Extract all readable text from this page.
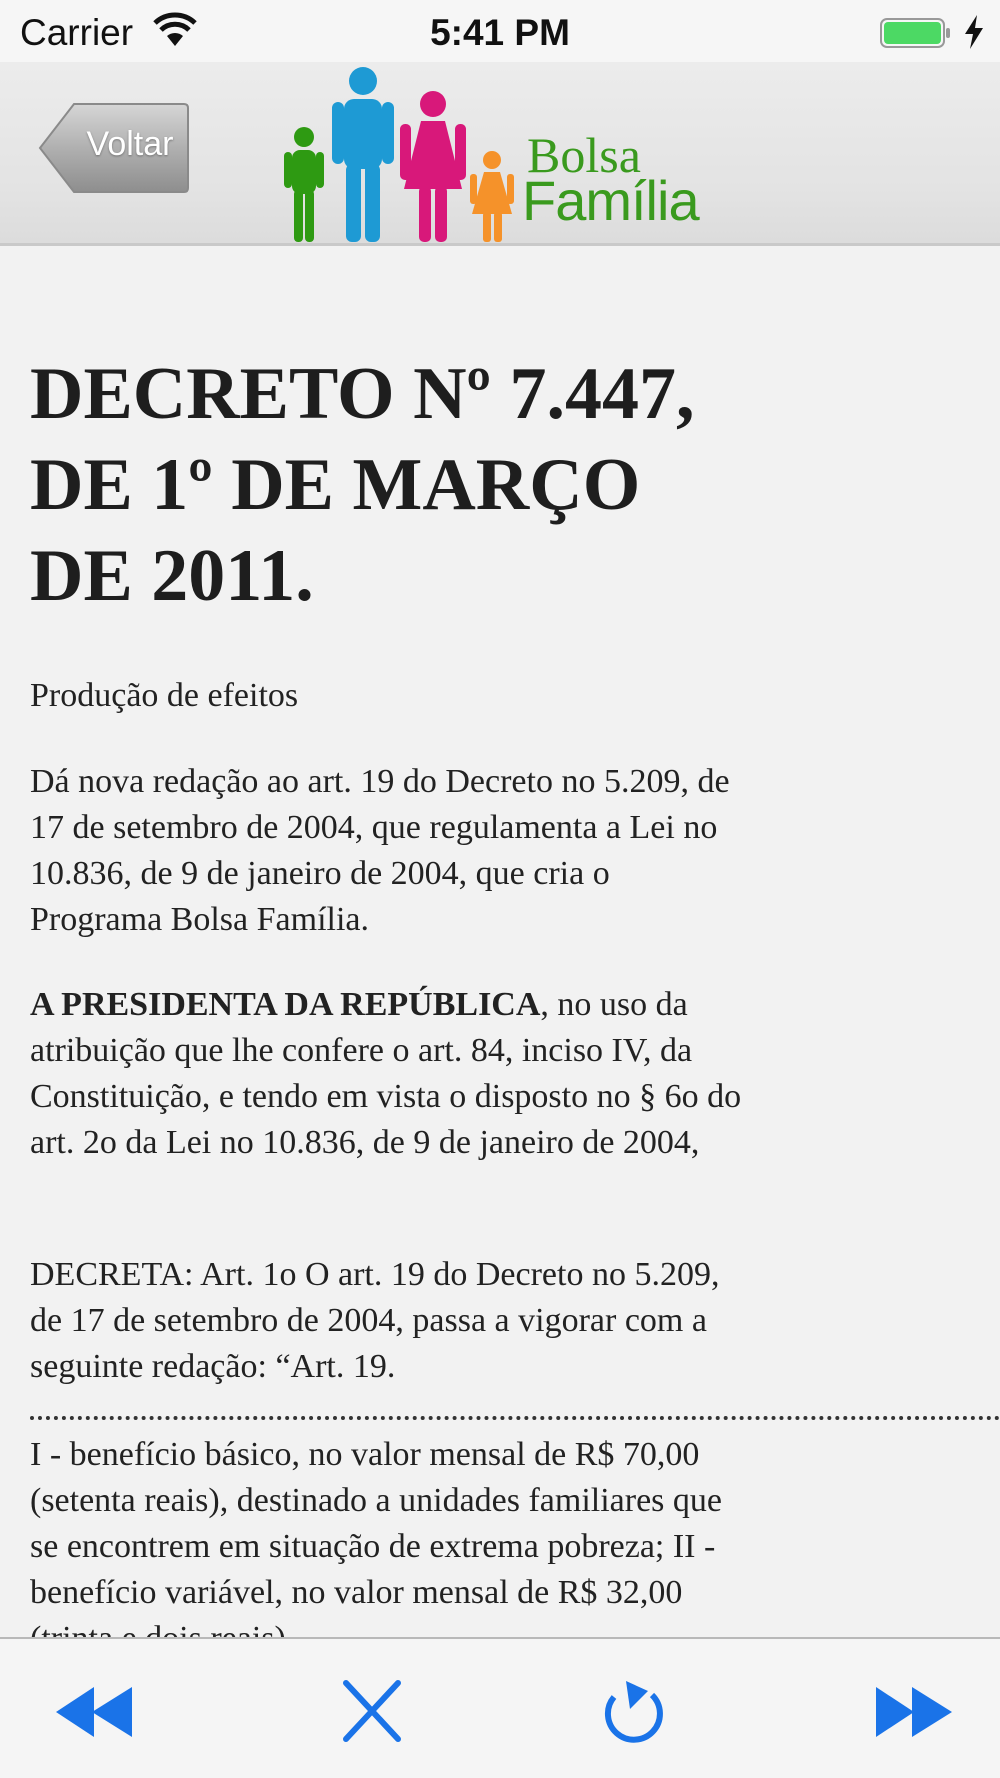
Carrier	5:41 PM
Voltar	Bolsa
Família
DECRETO Nº 7.447, DE 1º DE MARÇO DE 2011.

Produção de efeitos

Dá nova redação ao art. 19 do Decreto no 5.209, de 17 de setembro de 2004, que regulamenta a Lei no 10.836, de 9 de janeiro de 2004, que cria o Programa Bolsa Família.

A PRESIDENTA DA REPÚBLICA, no uso da atribuição que lhe confere o art. 84, inciso IV, da Constituição, e tendo em vista o disposto no § 6o do art. 2o da Lei no 10.836, de 9 de janeiro de 2004,

DECRETA: Art. 1o O art. 19 do Decreto no 5.209, de 17 de setembro de 2004, passa a vigorar com a seguinte redação: “Art. 19.

I - benefício básico, no valor mensal de R$ 70,00 (setenta reais), destinado a unidades familiares que se encontrem em situação de extrema pobreza; II - benefício variável, no valor mensal de R$ 32,00
